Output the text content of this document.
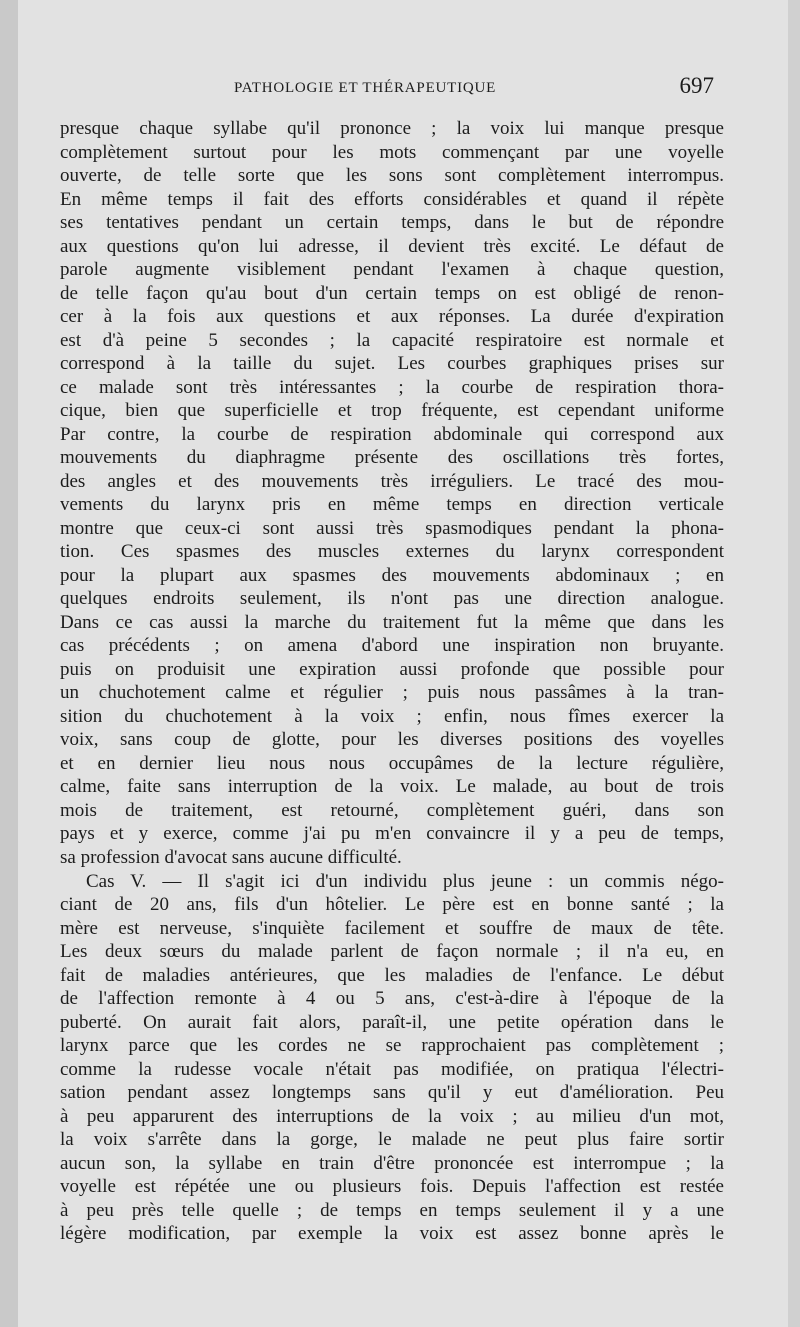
PATHOLOGIE ET THÉRAPEUTIQUE	697
presque chaque syllabe qu'il prononce ; la voix lui manque presque
complètement surtout pour les mots commençant par une voyelle
ouverte, de telle sorte que les sons sont complètement interrompus.
En même temps il fait des efforts considérables et quand il répète
ses tentatives pendant un certain temps, dans le but de répondre
aux questions qu'on lui adresse, il devient très excité. Le défaut de
parole augmente visiblement pendant l'examen à chaque question,
de telle façon qu'au bout d'un certain temps on est obligé de renon-
cer à la fois aux questions et aux réponses. La durée d'expiration
est d'à peine 5 secondes ; la capacité respiratoire est normale et
correspond à la taille du sujet. Les courbes graphiques prises sur
ce malade sont très intéressantes ; la courbe de respiration thora-
cique, bien que superficielle et trop fréquente, est cependant uniforme
Par contre, la courbe de respiration abdominale qui correspond aux
mouvements du diaphragme présente des oscillations très fortes,
des angles et des mouvements très irréguliers. Le tracé des mou-
vements du larynx pris en même temps en direction verticale
montre que ceux-ci sont aussi très spasmodiques pendant la phona-
tion. Ces spasmes des muscles externes du larynx correspondent
pour la plupart aux spasmes des mouvements abdominaux ; en
quelques endroits seulement, ils n'ont pas une direction analogue.
Dans ce cas aussi la marche du traitement fut la même que dans les
cas précédents ; on amena d'abord une inspiration non bruyante.
puis on produisit une expiration aussi profonde que possible pour
un chuchotement calme et régulier ; puis nous passâmes à la tran-
sition du chuchotement à la voix ; enfin, nous fîmes exercer la
voix, sans coup de glotte, pour les diverses positions des voyelles
et en dernier lieu nous nous occupâmes de la lecture régulière,
calme, faite sans interruption de la voix. Le malade, au bout de trois
mois de traitement, est retourné, complètement guéri, dans son
pays et y exerce, comme j'ai pu m'en convaincre il y a peu de temps,
sa profession d'avocat sans aucune difficulté.
Cas V. — Il s'agit ici d'un individu plus jeune : un commis négo-
ciant de 20 ans, fils d'un hôtelier. Le père est en bonne santé ; la
mère est nerveuse, s'inquiète facilement et souffre de maux de tête.
Les deux sœurs du malade parlent de façon normale ; il n'a eu, en
fait de maladies antérieures, que les maladies de l'enfance. Le début
de l'affection remonte à 4 ou 5 ans, c'est-à-dire à l'époque de la
puberté. On aurait fait alors, paraît-il, une petite opération dans le
larynx parce que les cordes ne se rapprochaient pas complètement ;
comme la rudesse vocale n'était pas modifiée, on pratiqua l'électri-
sation pendant assez longtemps sans qu'il y eut d'amélioration. Peu
à peu apparurent des interruptions de la voix ; au milieu d'un mot,
la voix s'arrête dans la gorge, le malade ne peut plus faire sortir
aucun son, la syllabe en train d'être prononcée est interrompue ; la
voyelle est répétée une ou plusieurs fois. Depuis l'affection est restée
à peu près telle quelle ; de temps en temps seulement il y a une
légère modification, par exemple la voix est assez bonne après le
